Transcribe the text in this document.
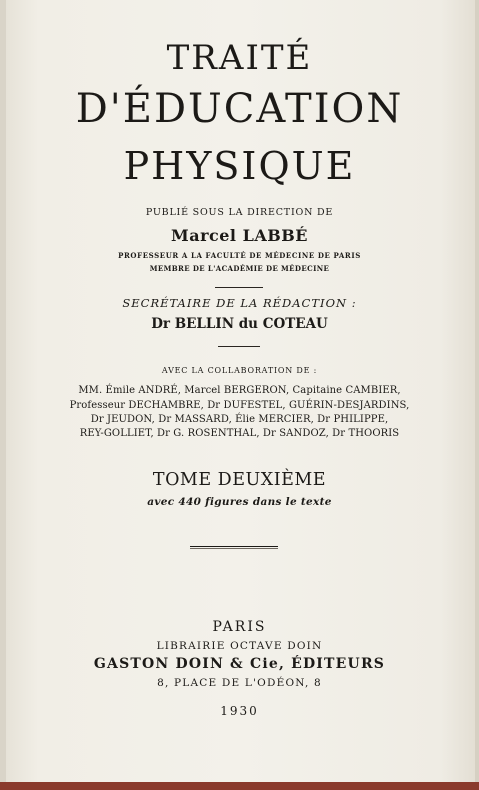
TRAITÉ
D'ÉDUCATION
PHYSIQUE
PUBLIÉ SOUS LA DIRECTION DE
Marcel LABBÉ
PROFESSEUR A LA FACULTÉ DE MÉDECINE DE PARIS
MEMBRE DE L'ACADÉMIE DE MÉDECINE
SECRÉTAIRE DE LA RÉDACTION :
Dr BELLIN du COTEAU
AVEC LA COLLABORATION DE :
MM. Émile ANDRÉ, Marcel BERGERON, Capitaine CAMBIER,
Professeur DECHAMBRE, Dr DUFESTEL, GUÉRIN-DESJARDINS,
Dr JEUDON, Dr MASSARD, Élie MERCIER, Dr PHILIPPE,
REY-GOLLIET, Dr G. ROSENTHAL, Dr SANDOZ, Dr THOORIS
TOME DEUXIÈME
avec 440 figures dans le texte
PARIS
LIBRAIRIE OCTAVE DOIN
GASTON DOIN & Cie, ÉDITEURS
8, PLACE DE L'ODÉON, 8
1930
